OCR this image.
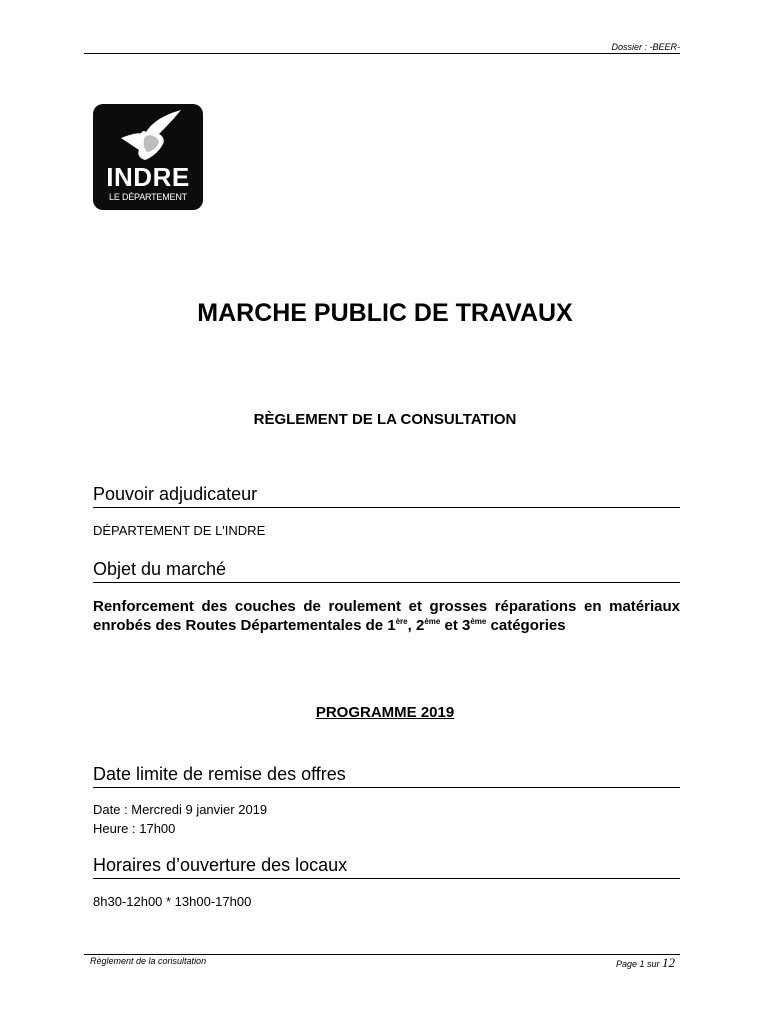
Dossier : -BEER-
INDRE
LE DÉPARTEMENT
MARCHE PUBLIC DE TRAVAUX
RÈGLEMENT DE LA CONSULTATION
Pouvoir adjudicateur
DÉPARTEMENT DE L'INDRE
Objet du marché
Renforcement des couches de roulement et grosses réparations en matériaux enrobés des Routes Départementales de 1ère, 2ème et 3ème catégories
PROGRAMME 2019
Date limite de remise des offres
Date : Mercredi 9 janvier 2019
Heure : 17h00
Horaires d’ouverture des locaux
8h30-12h00 * 13h00-17h00
Règlement de la consultation	Page 1 sur 12
